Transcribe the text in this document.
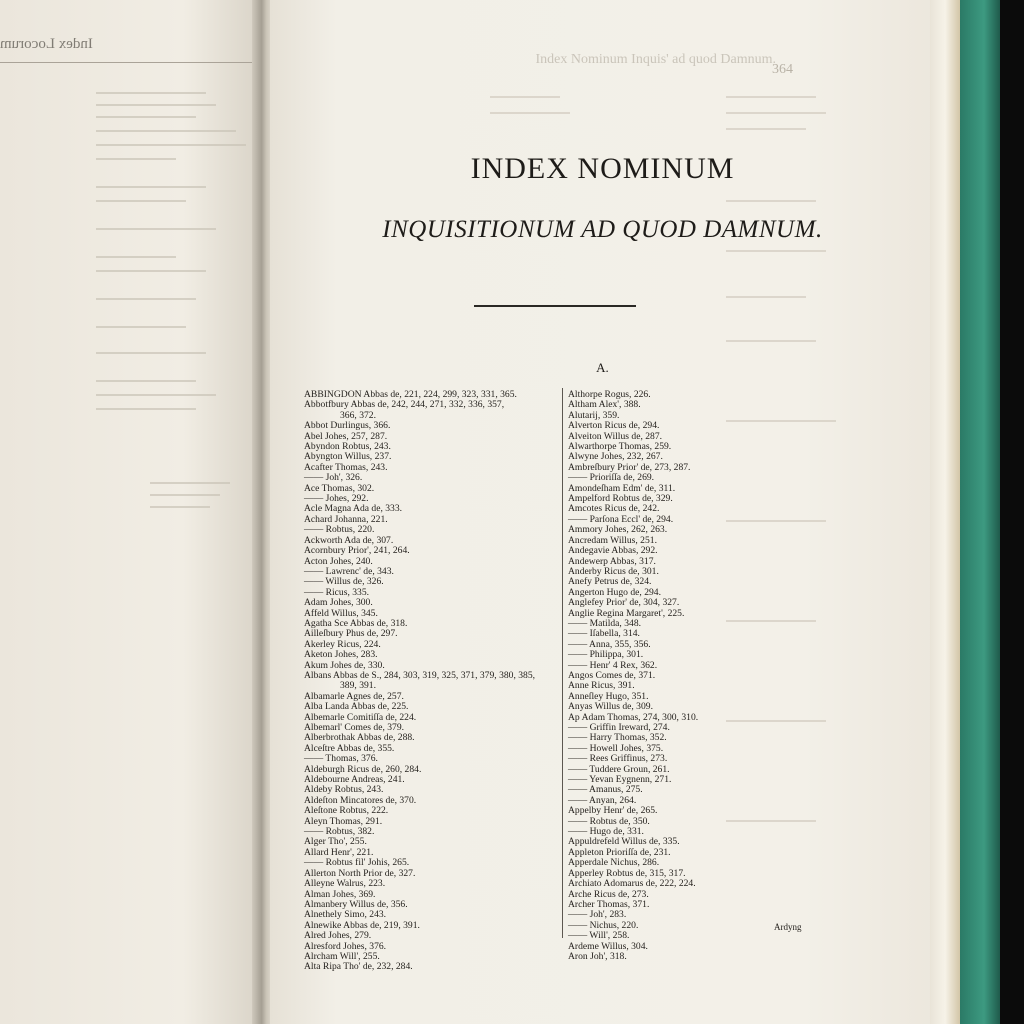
Index Locorum
Index Nominum Inquis' ad quod Damnum.
364
INDEX NOMINUM
INQUISITIONUM AD QUOD DAMNUM.
A.
ABBINGDON Abbas de, 221, 224, 299, 323, 331, 365.
Abbotfbury Abbas de, 242, 244, 271, 332, 336, 357,
366, 372.
Abbot Durlingus, 366.
Abel Johes, 257, 287.
Abyndon Robtus, 243.
Abyngton Willus, 237.
Acafter Thomas, 243.
—— Joh', 326.
Ace Thomas, 302.
—— Johes, 292.
Acle Magna Ada de, 333.
Achard Johanna, 221.
—— Robtus, 220.
Ackworth Ada de, 307.
Acornbury Prior', 241, 264.
Acton Johes, 240.
—— Lawrenc' de, 343.
—— Willus de, 326.
—— Ricus, 335.
Adam Johes, 300.
Affeld Willus, 345.
Agatha Sce Abbas de, 318.
Ailleſbury Phus de, 297.
Akerley Ricus, 224.
Aketon Johes, 283.
Akum Johes de, 330.
Albans Abbas de S., 284, 303, 319, 325, 371, 379, 380, 385,
389, 391.
Albamarle Agnes de, 257.
Alba Landa Abbas de, 225.
Albemarle Comitiſſa de, 224.
Albemarl' Comes de, 379.
Alberbrothak Abbas de, 288.
Alceſtre Abbas de, 355.
—— Thomas, 376.
Aldeburgh Ricus de, 260, 284.
Aldebourne Andreas, 241.
Aldeby Robtus, 243.
Aldeſton Mincatores de, 370.
Aleſtone Robtus, 222.
Aleyn Thomas, 291.
—— Robtus, 382.
Alger Tho', 255.
Allard Henr', 221.
—— Robtus fil' Johis, 265.
Allerton North Prior de, 327.
Alleyne Walrus, 223.
Alman Johes, 369.
Almanbery Willus de, 356.
Alnethely Simo, 243.
Alnewike Abbas de, 219, 391.
Alred Johes, 279.
Alresford Johes, 376.
Alrcham Will', 255.
Alta Ripa Tho' de, 232, 284.
Althorpe Rogus, 226.
Altham Alex', 388.
Alutarij, 359.
Alverton Ricus de, 294.
Alveiton Willus de, 287.
Alwarthorpe Thomas, 259.
Alwyne Johes, 232, 267.
Ambreſbury Prior' de, 273, 287.
—— Prioriſſa de, 269.
Amondeſham Edm' de, 311.
Ampelford Robtus de, 329.
Amcotes Ricus de, 242.
—— Parſona Eccl' de, 294.
Ammory Johes, 262, 263.
Ancredam Willus, 251.
Andegavie Abbas, 292.
Andewerp Abbas, 317.
Anderby Ricus de, 301.
Anefy Petrus de, 324.
Angerton Hugo de, 294.
Anglefey Prior' de, 304, 327.
Anglie Regina Margaret', 225.
—— Matilda, 348.
—— Iſabella, 314.
—— Anna, 355, 356.
—— Philippa, 301.
—— Henr' 4 Rex, 362.
Angos Comes de, 371.
Anne Ricus, 391.
Anneſley Hugo, 351.
Anyas Willus de, 309.
Ap Adam Thomas, 274, 300, 310.
—— Griffin Ireward, 274.
—— Harry Thomas, 352.
—— Howell Johes, 375.
—— Rees Griffinus, 273.
—— Tuddere Groun, 261.
—— Yevan Eygnenn, 271.
—— Amanus, 275.
—— Anyan, 264.
Appelby Henr' de, 265.
—— Robtus de, 350.
—— Hugo de, 331.
Appuldrefeld Willus de, 335.
Appleton Prioriſſa de, 231.
Apperdale Nichus, 286.
Apperley Robtus de, 315, 317.
Archiato Adomarus de, 222, 224.
Arche Ricus de, 273.
Archer Thomas, 371.
—— Joh', 283.
—— Nichus, 220.
—— Will', 258.
Ardeme Willus, 304.
Aron Joh', 318.
Ardyng
